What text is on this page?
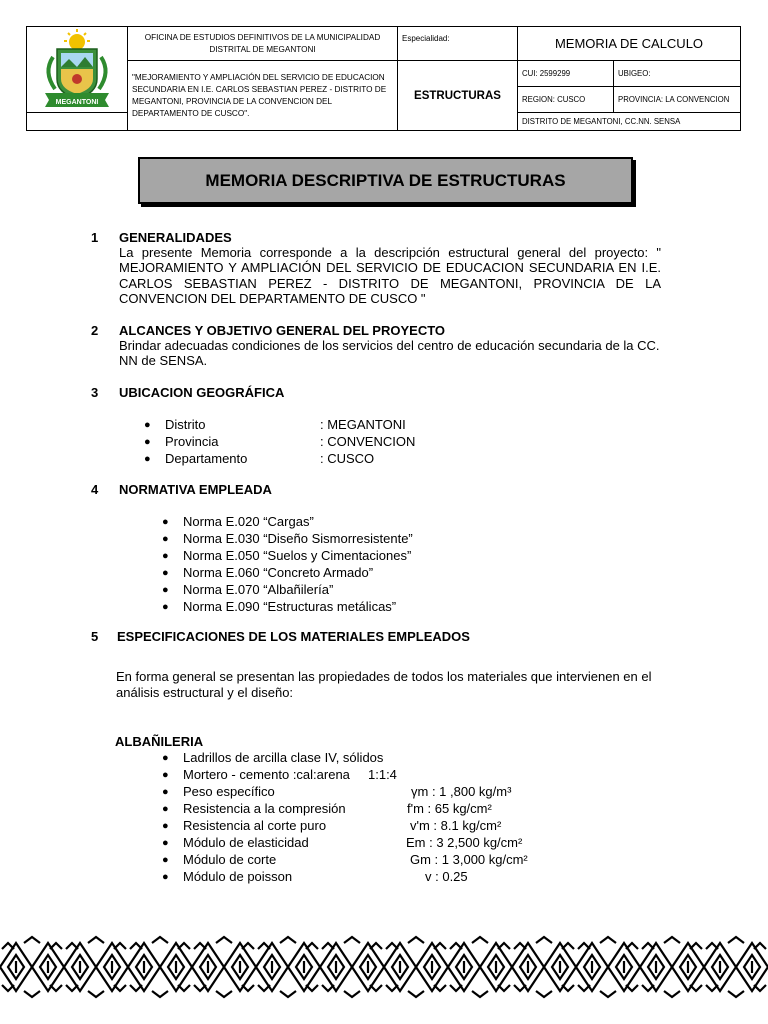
MEGANTONI	OFICINA DE ESTUDIOS DEFINITIVOS DE LA MUNICIPALIDAD DISTRITAL DE MEGANTONI	Especialidad:	MEMORIA DE CALCULO	
	"MEJORAMIENTO Y AMPLIACIÓN DEL SERVICIO DE EDUCACION SECUNDARIA EN I.E. CARLOS SEBASTIAN PEREZ - DISTRITO DE MEGANTONI, PROVINCIA DE LA CONVENCION DEL DEPARTAMENTO DE CUSCO".	ESTRUCTURAS	CUI: 2599299	UBIGEO:
			REGION: CUSCO	PROVINCIA: LA CONVENCION
			DISTRITO DE MEGANTONI, CC.NN. SENSA	
MEMORIA DESCRIPTIVA DE ESTRUCTURAS
1 GENERALIDADES
La presente Memoria corresponde a la descripción estructural general del proyecto: " MEJORAMIENTO Y AMPLIACIÓN DEL SERVICIO DE EDUCACION SECUNDARIA EN I.E. CARLOS SEBASTIAN PEREZ - DISTRITO DE MEGANTONI, PROVINCIA DE LA CONVENCION DEL DEPARTAMENTO DE CUSCO "
2 ALCANCES Y OBJETIVO GENERAL DEL PROYECTO
Brindar adecuadas condiciones de los servicios del centro de educación secundaria de la CC. NN de SENSA.
3 UBICACION GEOGRÁFICA
● Distrito	: MEGANTONI
● Provincia	: CONVENCION
● Departamento	: CUSCO
4 NORMATIVA EMPLEADA
● Norma E.020 “Cargas”
● Norma E.030 “Diseño Sismorresistente”
● Norma E.050 “Suelos y Cimentaciones”
● Norma E.060 “Concreto Armado”
● Norma E.070 “Albañilería”
● Norma E.090 “Estructuras metálicas”
5 ESPECIFICACIONES DE LOS MATERIALES EMPLEADOS
En forma general se presentan las propiedades de todos los materiales que intervienen en el análisis estructural y el diseño:
ALBAÑILERIA
● Ladrillos de arcilla clase IV, sólidos
● Mortero - cemento :cal:arena 1:1:4
● Peso específico	γm : 1 ,800 kg/m³
● Resistencia a la compresión	f'm : 65 kg/cm²
● Resistencia al corte puro	v'm : 8.1 kg/cm²
● Módulo de elasticidad	Em : 3 2,500 kg/cm²
● Módulo de corte	Gm : 1 3,000 kg/cm²
● Módulo de poisson	v : 0.25
